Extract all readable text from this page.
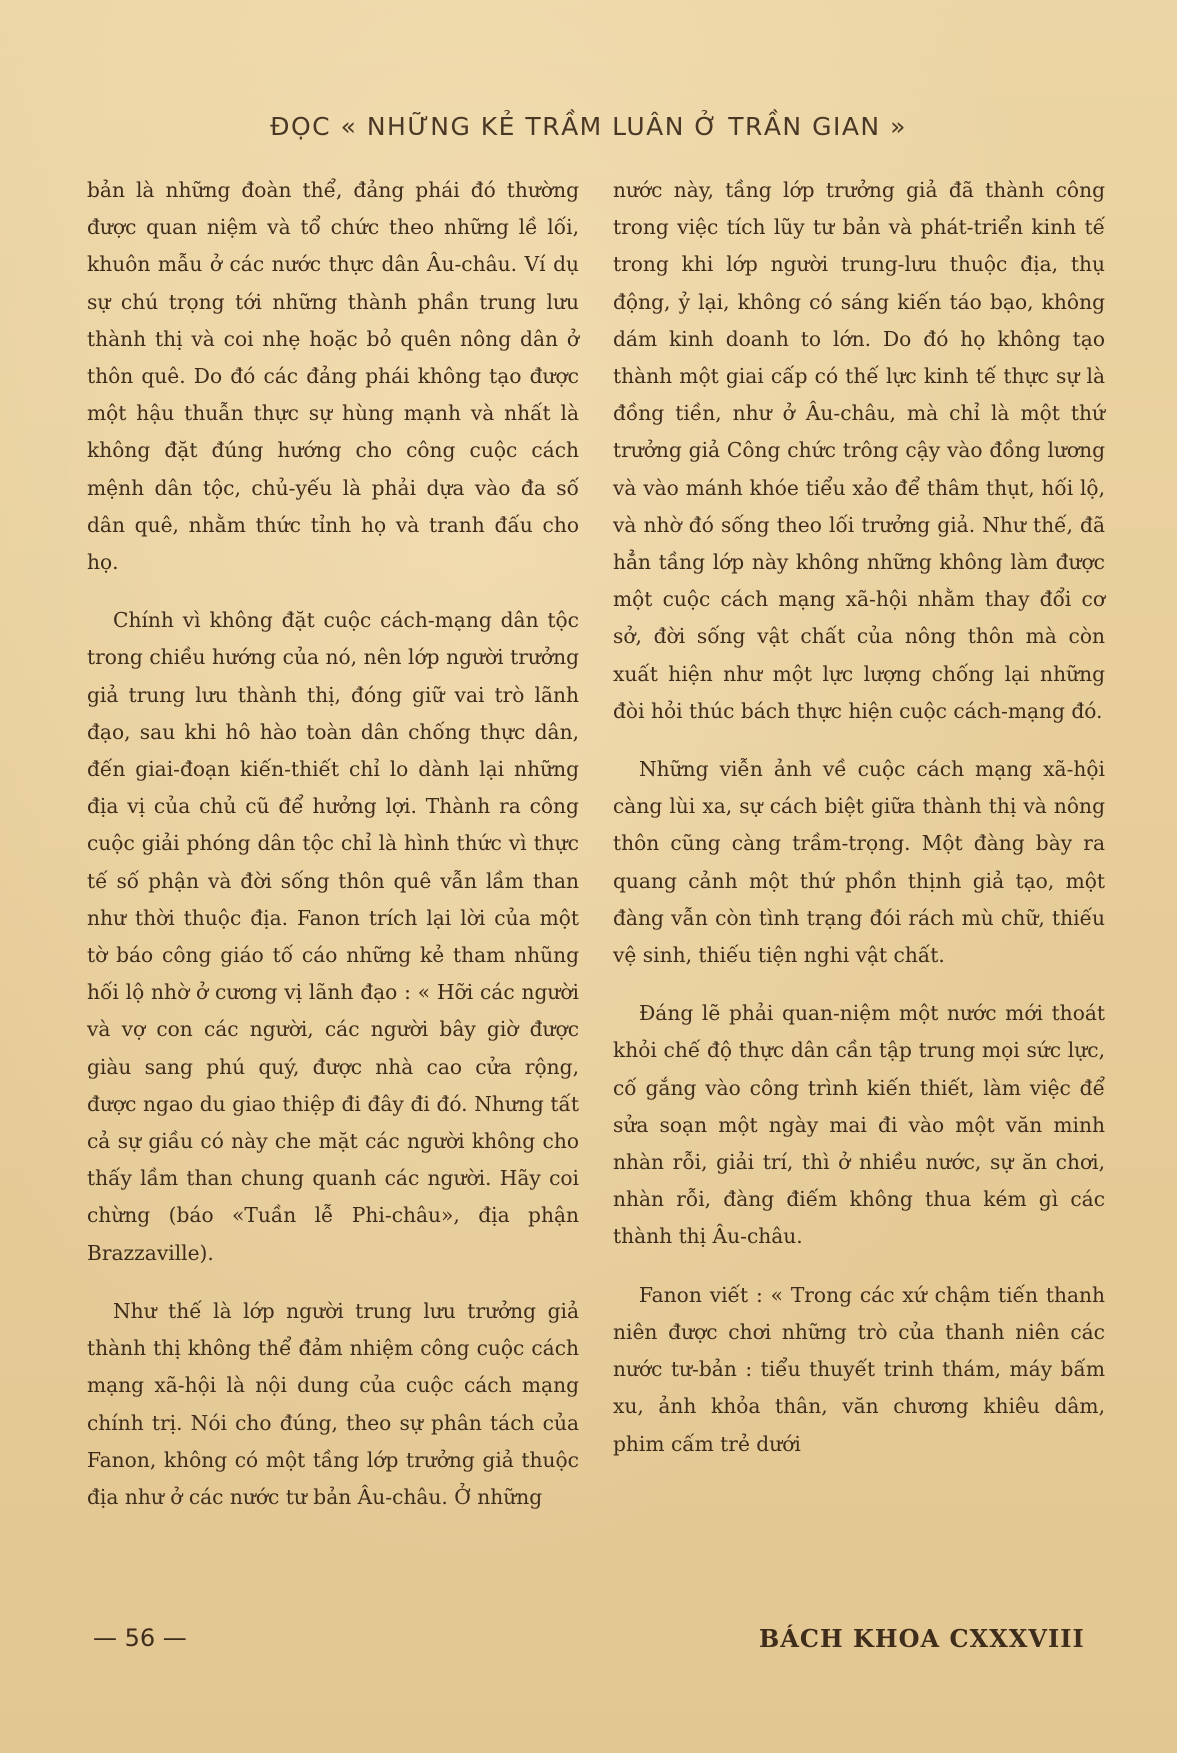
ĐỌC « NHỮNG KẺ TRẦM LUÂN Ở TRẦN GIAN »

bản là những đoàn thể, đảng phái đó thường được quan niệm và tổ chức theo những lề lối, khuôn mẫu ở các nước thực dân Âu-châu. Ví dụ sự chú trọng tới những thành phần trung lưu thành thị và coi nhẹ hoặc bỏ quên nông dân ở thôn quê. Do đó các đảng phái không tạo được một hậu thuẫn thực sự hùng mạnh và nhất là không đặt đúng hướng cho công cuộc cách mệnh dân tộc, chủ-yếu là phải dựa vào đa số dân quê, nhằm thức tỉnh họ và tranh đấu cho họ.

Chính vì không đặt cuộc cách-mạng dân tộc trong chiều hướng của nó, nên lớp người trưởng giả trung lưu thành thị, đóng giữ vai trò lãnh đạo, sau khi hô hào toàn dân chống thực dân, đến giai-đoạn kiến-thiết chỉ lo dành lại những địa vị của chủ cũ để hưởng lợi. Thành ra công cuộc giải phóng dân tộc chỉ là hình thức vì thực tế số phận và đời sống thôn quê vẫn lầm than như thời thuộc địa. Fanon trích lại lời của một tờ báo công giáo tố cáo những kẻ tham nhũng hối lộ nhờ ở cương vị lãnh đạo : « Hỡi các người và vợ con các người, các người bây giờ được giàu sang phú quý, được nhà cao cửa rộng, được ngao du giao thiệp đi đây đi đó. Nhưng tất cả sự giầu có này che mặt các người không cho thấy lầm than chung quanh các người. Hãy coi chừng (báo «Tuần lễ Phi-châu», địa phận Brazzaville).

Như thế là lớp người trung lưu trưởng giả thành thị không thể đảm nhiệm công cuộc cách mạng xã-hội là nội dung của cuộc cách mạng chính trị. Nói cho đúng, theo sự phân tách của Fanon, không có một tầng lớp trưởng giả thuộc địa như ở các nước tư bản Âu-châu. Ở những

nước này, tầng lớp trưởng giả đã thành công trong việc tích lũy tư bản và phát-triển kinh tế trong khi lớp người trung-lưu thuộc địa, thụ động, ỷ lại, không có sáng kiến táo bạo, không dám kinh doanh to lớn. Do đó họ không tạo thành một giai cấp có thế lực kinh tế thực sự là đồng tiền, như ở Âu-châu, mà chỉ là một thứ trưởng giả Công chức trông cậy vào đồng lương và vào mánh khóe tiểu xảo để thâm thụt, hối lộ, và nhờ đó sống theo lối trưởng giả. Như thế, đã hẳn tầng lớp này không những không làm được một cuộc cách mạng xã-hội nhằm thay đổi cơ sở, đời sống vật chất của nông thôn mà còn xuất hiện như một lực lượng chống lại những đòi hỏi thúc bách thực hiện cuộc cách-mạng đó.

Những viễn ảnh về cuộc cách mạng xã-hội càng lùi xa, sự cách biệt giữa thành thị và nông thôn cũng càng trầm-trọng. Một đàng bày ra quang cảnh một thứ phồn thịnh giả tạo, một đàng vẫn còn tình trạng đói rách mù chữ, thiếu vệ sinh, thiếu tiện nghi vật chất.

Đáng lẽ phải quan-niệm một nước mới thoát khỏi chế độ thực dân cần tập trung mọi sức lực, cố gắng vào công trình kiến thiết, làm việc để sửa soạn một ngày mai đi vào một văn minh nhàn rỗi, giải trí, thì ở nhiều nước, sự ăn chơi, nhàn rỗi, đàng điếm không thua kém gì các thành thị Âu-châu.

Fanon viết : « Trong các xứ chậm tiến thanh niên được chơi những trò của thanh niên các nước tư-bản : tiểu thuyết trinh thám, máy bấm xu, ảnh khỏa thân, văn chương khiêu dâm, phim cấm trẻ dưới

— 56 —	BÁCH KHOA CXXXVIII
